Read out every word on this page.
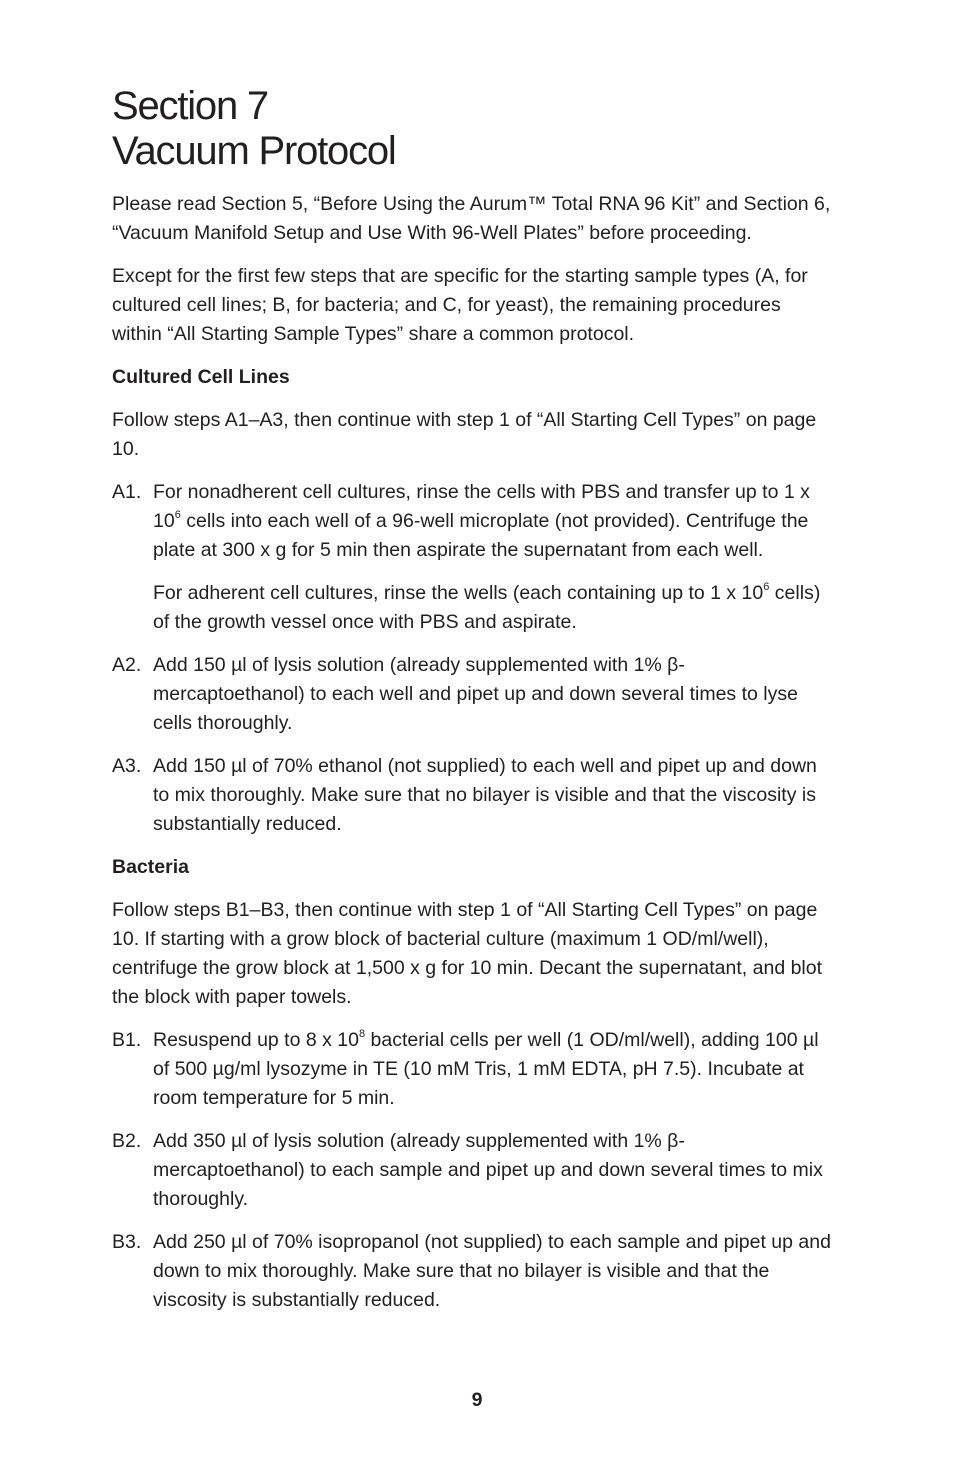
Section 7
Vacuum Protocol

Please read Section 5, “Before Using the Aurum™ Total RNA 96 Kit” and Section 6, “Vacuum Manifold Setup and Use With 96-Well Plates” before proceeding.

Except for the first few steps that are specific for the starting sample types (A, for cultured cell lines; B, for bacteria; and C, for yeast), the remaining procedures within “All Starting Sample Types” share a common protocol.

Cultured Cell Lines

Follow steps A1–A3, then continue with step 1 of “All Starting Cell Types” on page 10.

A1. For nonadherent cell cultures, rinse the cells with PBS and transfer up to 1 x $10^6$ cells into each well of a 96-well microplate (not provided). Centrifuge the plate at 300 x g for 5 min then aspirate the supernatant from each well.

For adherent cell cultures, rinse the wells (each containing up to 1 x $10^6$ cells) of the growth vessel once with PBS and aspirate.

A2. Add 150 µl of lysis solution (already supplemented with 1% β-mercaptoethanol) to each well and pipet up and down several times to lyse cells thoroughly.

A3. Add 150 µl of 70% ethanol (not supplied) to each well and pipet up and down to mix thoroughly. Make sure that no bilayer is visible and that the viscosity is substantially reduced.

Bacteria

Follow steps B1–B3, then continue with step 1 of “All Starting Cell Types” on page 10. If starting with a grow block of bacterial culture (maximum 1 OD/ml/well), centrifuge the grow block at 1,500 x g for 10 min. Decant the supernatant, and blot the block with paper towels.

B1. Resuspend up to 8 x $10^8$ bacterial cells per well (1 OD/ml/well), adding 100 µl of 500 µg/ml lysozyme in TE (10 mM Tris, 1 mM EDTA, pH 7.5). Incubate at room temperature for 5 min.

B2. Add 350 µl of lysis solution (already supplemented with 1% β-mercaptoethanol) to each sample and pipet up and down several times to mix thoroughly.

B3. Add 250 µl of 70% isopropanol (not supplied) to each sample and pipet up and down to mix thoroughly. Make sure that no bilayer is visible and that the viscosity is substantially reduced.

9
